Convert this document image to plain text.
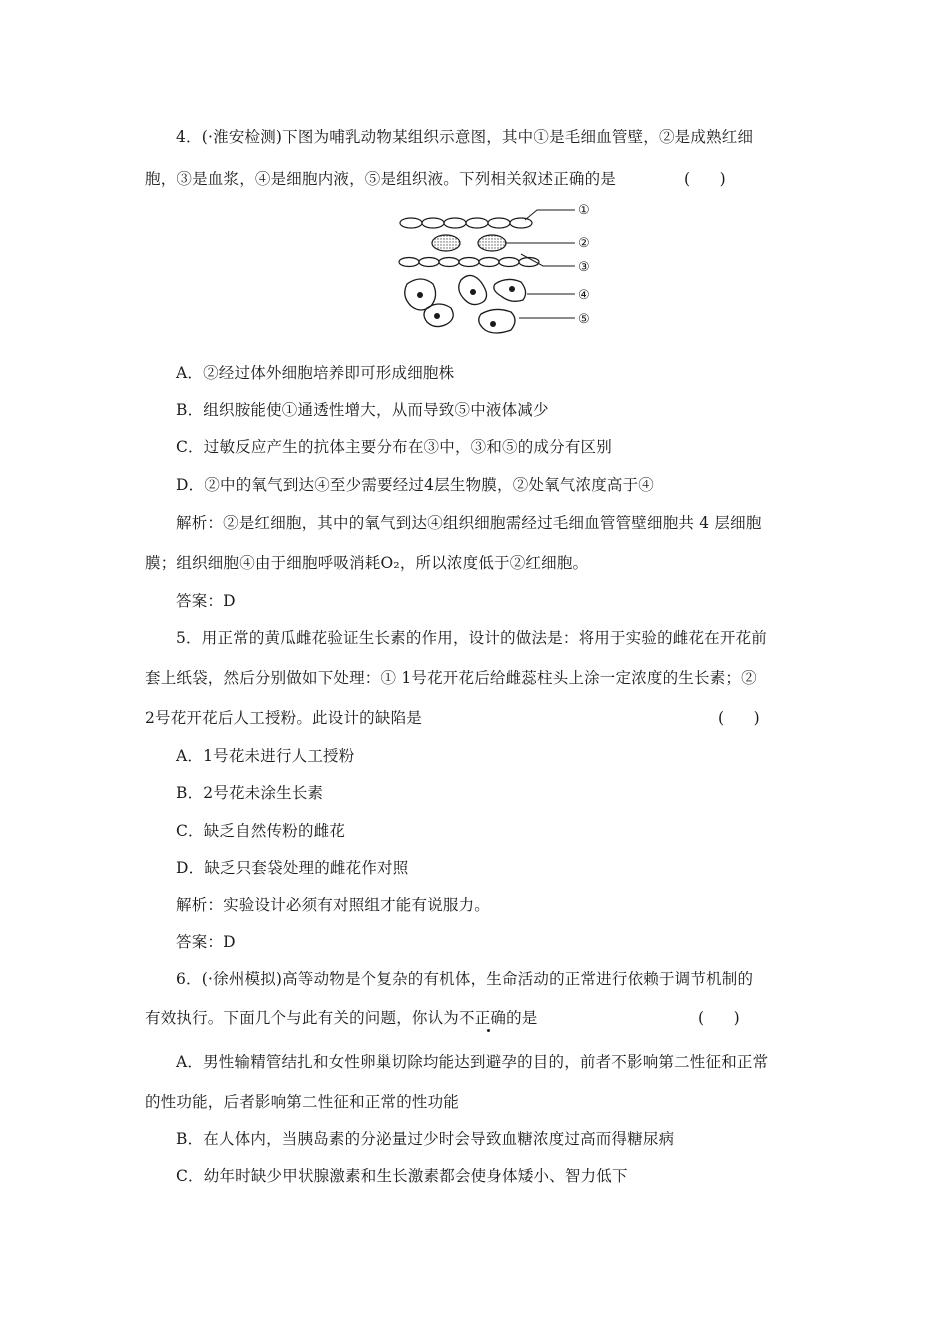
4．(·淮安检测)下图为哺乳动物某组织示意图，其中①是毛细血管壁，②是成熟红细
胞，③是血浆，④是细胞内液，⑤是组织液。下列相关叙述正确的是	(      )
①
②
③
④
⑤
A．②经过体外细胞培养即可形成细胞株
B．组织胺能使①通透性增大，从而导致⑤中液体减少
C．过敏反应产生的抗体主要分布在③中，③和⑤的成分有区别
D．②中的氧气到达④至少需要经过4层生物膜，②处氧气浓度高于④
解析：②是红细胞，其中的氧气到达④组织细胞需经过毛细血管管壁细胞共 4 层细胞
膜；组织细胞④由于细胞呼吸消耗O₂，所以浓度低于②红细胞。
答案：D
5．用正常的黄瓜雌花验证生长素的作用，设计的做法是：将用于实验的雌花在开花前
套上纸袋，然后分别做如下处理：① 1号花开花后给雌蕊柱头上涂一定浓度的生长素；②
2号花开花后人工授粉。此设计的缺陷是	(      )
A．1号花未进行人工授粉
B．2号花未涂生长素
C．缺乏自然传粉的雌花
D．缺乏只套袋处理的雌花作对照
解析：实验设计必须有对照组才能有说服力。
答案：D
6．(·徐州模拟)高等动物是个复杂的有机体，生命活动的正常进行依赖于调节机制的
有效执行。下面几个与此有关的问题，你认为不正确的是	(      )
A．男性输精管结扎和女性卵巢切除均能达到避孕的目的，前者不影响第二性征和正常
的性功能，后者影响第二性征和正常的性功能
B．在人体内，当胰岛素的分泌量过少时会导致血糖浓度过高而得糖尿病
C．幼年时缺少甲状腺激素和生长激素都会使身体矮小、智力低下
